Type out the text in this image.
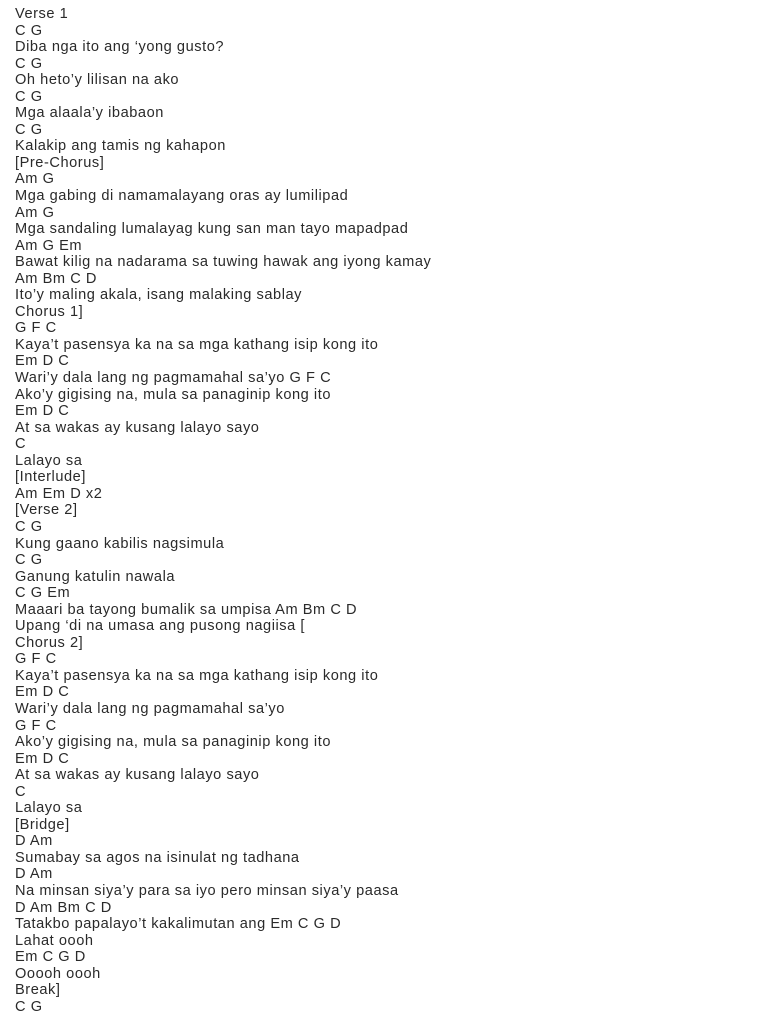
Verse 1
C G
Diba nga ito ang ‘yong gusto?
C G
Oh heto’y lilisan na ako
C G
Mga alaala’y ibabaon
C G
Kalakip ang tamis ng kahapon
[Pre-Chorus]
Am G
Mga gabing di namamalayang oras ay lumilipad
Am G
Mga sandaling lumalayag kung san man tayo mapadpad
Am G Em
Bawat kilig na nadarama sa tuwing hawak ang iyong kamay
Am Bm C D
Ito’y maling akala, isang malaking sablay
Chorus 1]
G F C
Kaya’t pasensya ka na sa mga kathang isip kong ito
Em D C
Wari’y dala lang ng pagmamahal sa’yo G F C
Ako’y gigising na, mula sa panaginip kong ito
Em D C
At sa wakas ay kusang lalayo sayo
C
Lalayo sa
[Interlude]
Am Em D x2
[Verse 2]
C G
Kung gaano kabilis nagsimula
C G
Ganung katulin nawala
C G Em
Maaari ba tayong bumalik sa umpisa Am Bm C D
Upang ‘di na umasa ang pusong nagiisa [
Chorus 2]
G F C
Kaya’t pasensya ka na sa mga kathang isip kong ito
Em D C
Wari’y dala lang ng pagmamahal sa’yo
G F C
Ako’y gigising na, mula sa panaginip kong ito
Em D C
At sa wakas ay kusang lalayo sayo
C
Lalayo sa
[Bridge]
D Am
Sumabay sa agos na isinulat ng tadhana
D Am
Na minsan siya’y para sa iyo pero minsan siya’y paasa
D Am Bm C D
Tatakbo papalayo’t kakalimutan ang Em C G D
Lahat oooh
Em C G D
Ooooh oooh
Break]
C G
